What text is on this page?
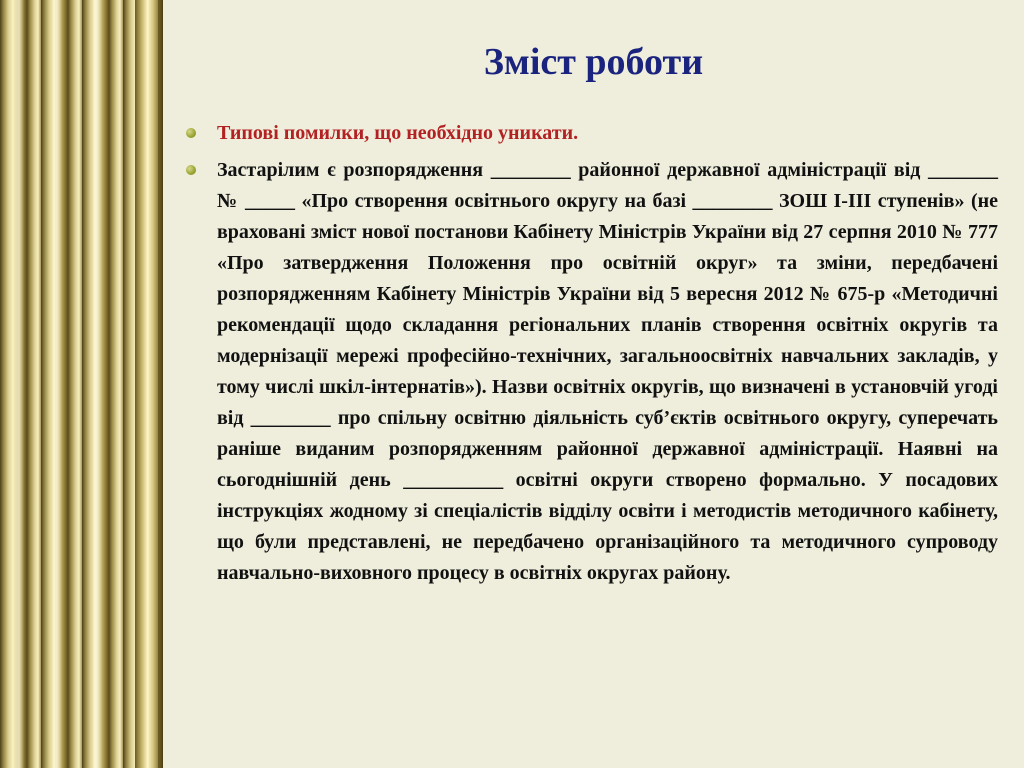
Зміст роботи
Типові помилки, що необхідно уникати.
Застарілим є розпорядження ________ районної державної адміністрації від _______ № _____ «Про створення освітнього округу на базі ________ ЗОШ І-ІІІ ступенів» (не враховані зміст нової постанови Кабінету Міністрів України від 27 серпня 2010 № 777 «Про затвердження Положення про освітній округ» та зміни, передбачені розпорядженням Кабінету Міністрів України від 5 вересня 2012 № 675-р «Методичні рекомендації щодо складання регіональних планів створення освітніх округів та модернізації мережі професійно-технічних, загальноосвітніх навчальних закладів, у тому числі шкіл-інтернатів»). Назви освітніх округів, що визначені в установчій угоді від ________ про спільну освітню діяльність суб’єктів освітнього округу, суперечать раніше виданим розпорядженням районної державної адміністрації. Наявні на сьогоднішній день __________ освітні округи створено формально. У посадових інструкціях жодному зі спеціалістів відділу освіти і методистів методичного кабінету, що були представлені, не передбачено організаційного та методичного супроводу навчально-виховного процесу в освітніх округах району.
